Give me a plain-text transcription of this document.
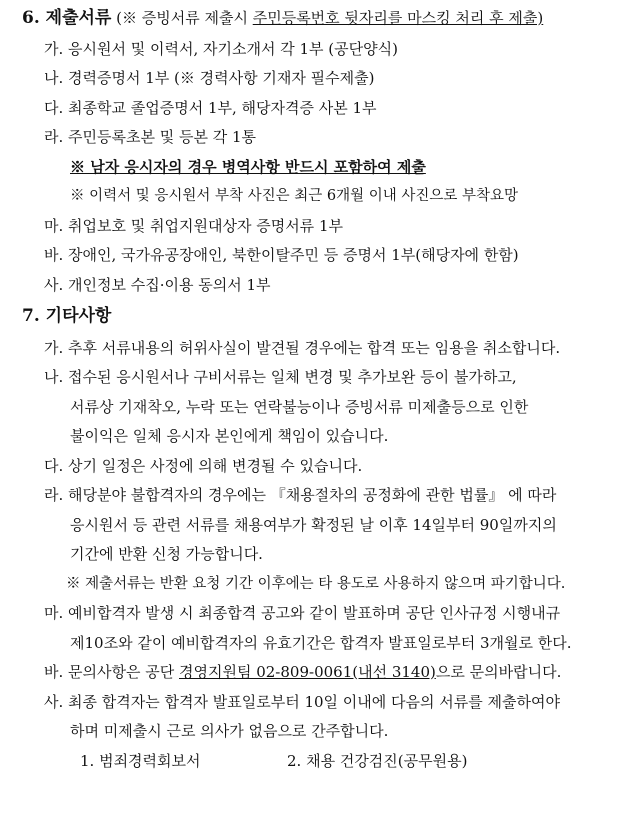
6. 제출서류 (※ 증빙서류 제출시 주민등록번호 뒷자리를 마스킹 처리 후 제출)
가. 응시원서 및 이력서, 자기소개서 각 1부 (공단양식)
나. 경력증명서 1부 (※ 경력사항 기재자 필수제출)
다. 최종학교 졸업증명서 1부, 해당자격증 사본 1부
라. 주민등록초본 및 등본 각 1통
※ 남자 응시자의 경우 병역사항 반드시 포함하여 제출
※ 이력서 및 응시원서 부착 사진은 최근 6개월 이내 사진으로 부착요망
마. 취업보호 및 취업지원대상자 증명서류 1부
바. 장애인, 국가유공장애인, 북한이탈주민 등 증명서 1부(해당자에 한함)
사. 개인정보 수집·이용 동의서 1부
7. 기타사항
가. 추후 서류내용의 허위사실이 발견될 경우에는 합격 또는 임용을 취소합니다.
나. 접수된 응시원서나 구비서류는 일체 변경 및 추가보완 등이 불가하고,
서류상 기재착오, 누락 또는 연락불능이나 증빙서류 미제출등으로 인한
불이익은 일체 응시자 본인에게 책임이 있습니다.
다. 상기 일정은 사정에 의해 변경될 수 있습니다.
라. 해당분야 불합격자의 경우에는 『채용절차의 공정화에 관한 법률』 에 따라
응시원서 등 관련 서류를 채용여부가 확정된 날 이후 14일부터 90일까지의
기간에 반환 신청 가능합니다.
※ 제출서류는 반환 요청 기간 이후에는 타 용도로 사용하지 않으며 파기합니다.
마. 예비합격자 발생 시 최종합격 공고와 같이 발표하며 공단 인사규정 시행내규
제10조와 같이 예비합격자의 유효기간은 합격자 발표일로부터 3개월로 한다.
바. 문의사항은 공단 경영지원팀 02-809-0061(내선 3140)으로 문의바랍니다.
사. 최종 합격자는 합격자 발표일로부터 10일 이내에 다음의 서류를 제출하여야
하며 미제출시 근로 의사가 없음으로 간주합니다.
1. 범죄경력회보서	2. 채용 건강검진(공무원용)
